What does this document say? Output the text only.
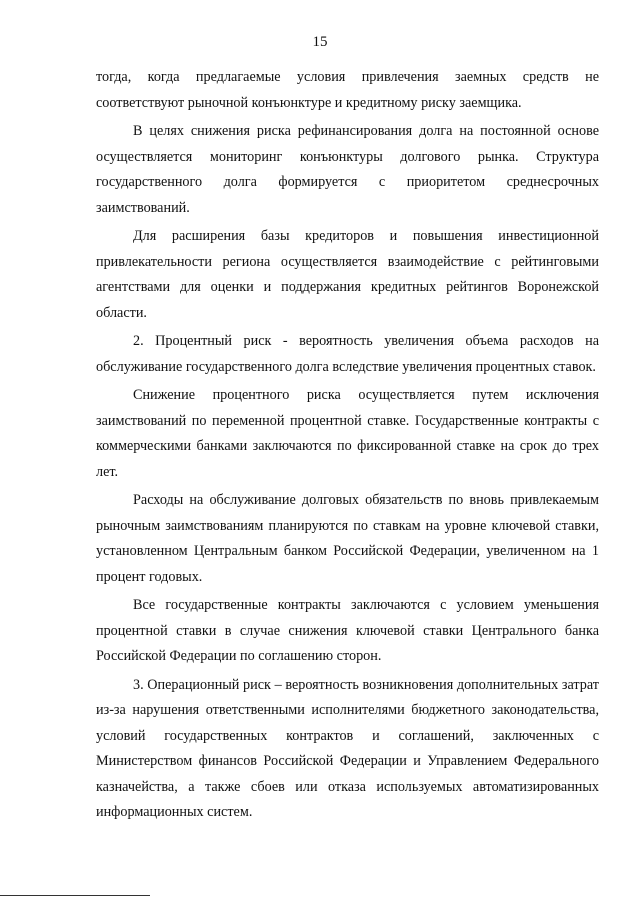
15

тогда, когда предлагаемые условия привлечения заемных средств не соответствуют рыночной конъюнктуре и кредитному риску заемщика.

В целях снижения риска рефинансирования долга на постоянной основе осуществляется мониторинг конъюнктуры долгового рынка. Структура государственного долга формируется с приоритетом среднесрочных заимствований.

Для расширения базы кредиторов и повышения инвестиционной привлекательности региона осуществляется взаимодействие с рейтинговыми агентствами для оценки и поддержания кредитных рейтингов Воронежской области.

2. Процентный риск - вероятность увеличения объема расходов на обслуживание государственного долга вследствие увеличения процентных ставок.

Снижение процентного риска осуществляется путем исключения заимствований по переменной процентной ставке. Государственные контракты с коммерческими банками заключаются по фиксированной ставке на срок до трех лет.

Расходы на обслуживание долговых обязательств по вновь привлекаемым рыночным заимствованиям планируются по ставкам на уровне ключевой ставки, установленном Центральным банком Российской Федерации, увеличенном на 1 процент годовых.

Все государственные контракты заключаются с условием уменьшения процентной ставки в случае снижения ключевой ставки Центрального банка Российской Федерации по соглашению сторон.

3. Операционный риск – вероятность возникновения дополнительных затрат из-за нарушения ответственными исполнителями бюджетного законодательства, условий государственных контрактов и соглашений, заключенных с Министерством финансов Российской Федерации и Управлением Федерального казначейства, а также сбоев или отказа используемых автоматизированных информационных систем.
